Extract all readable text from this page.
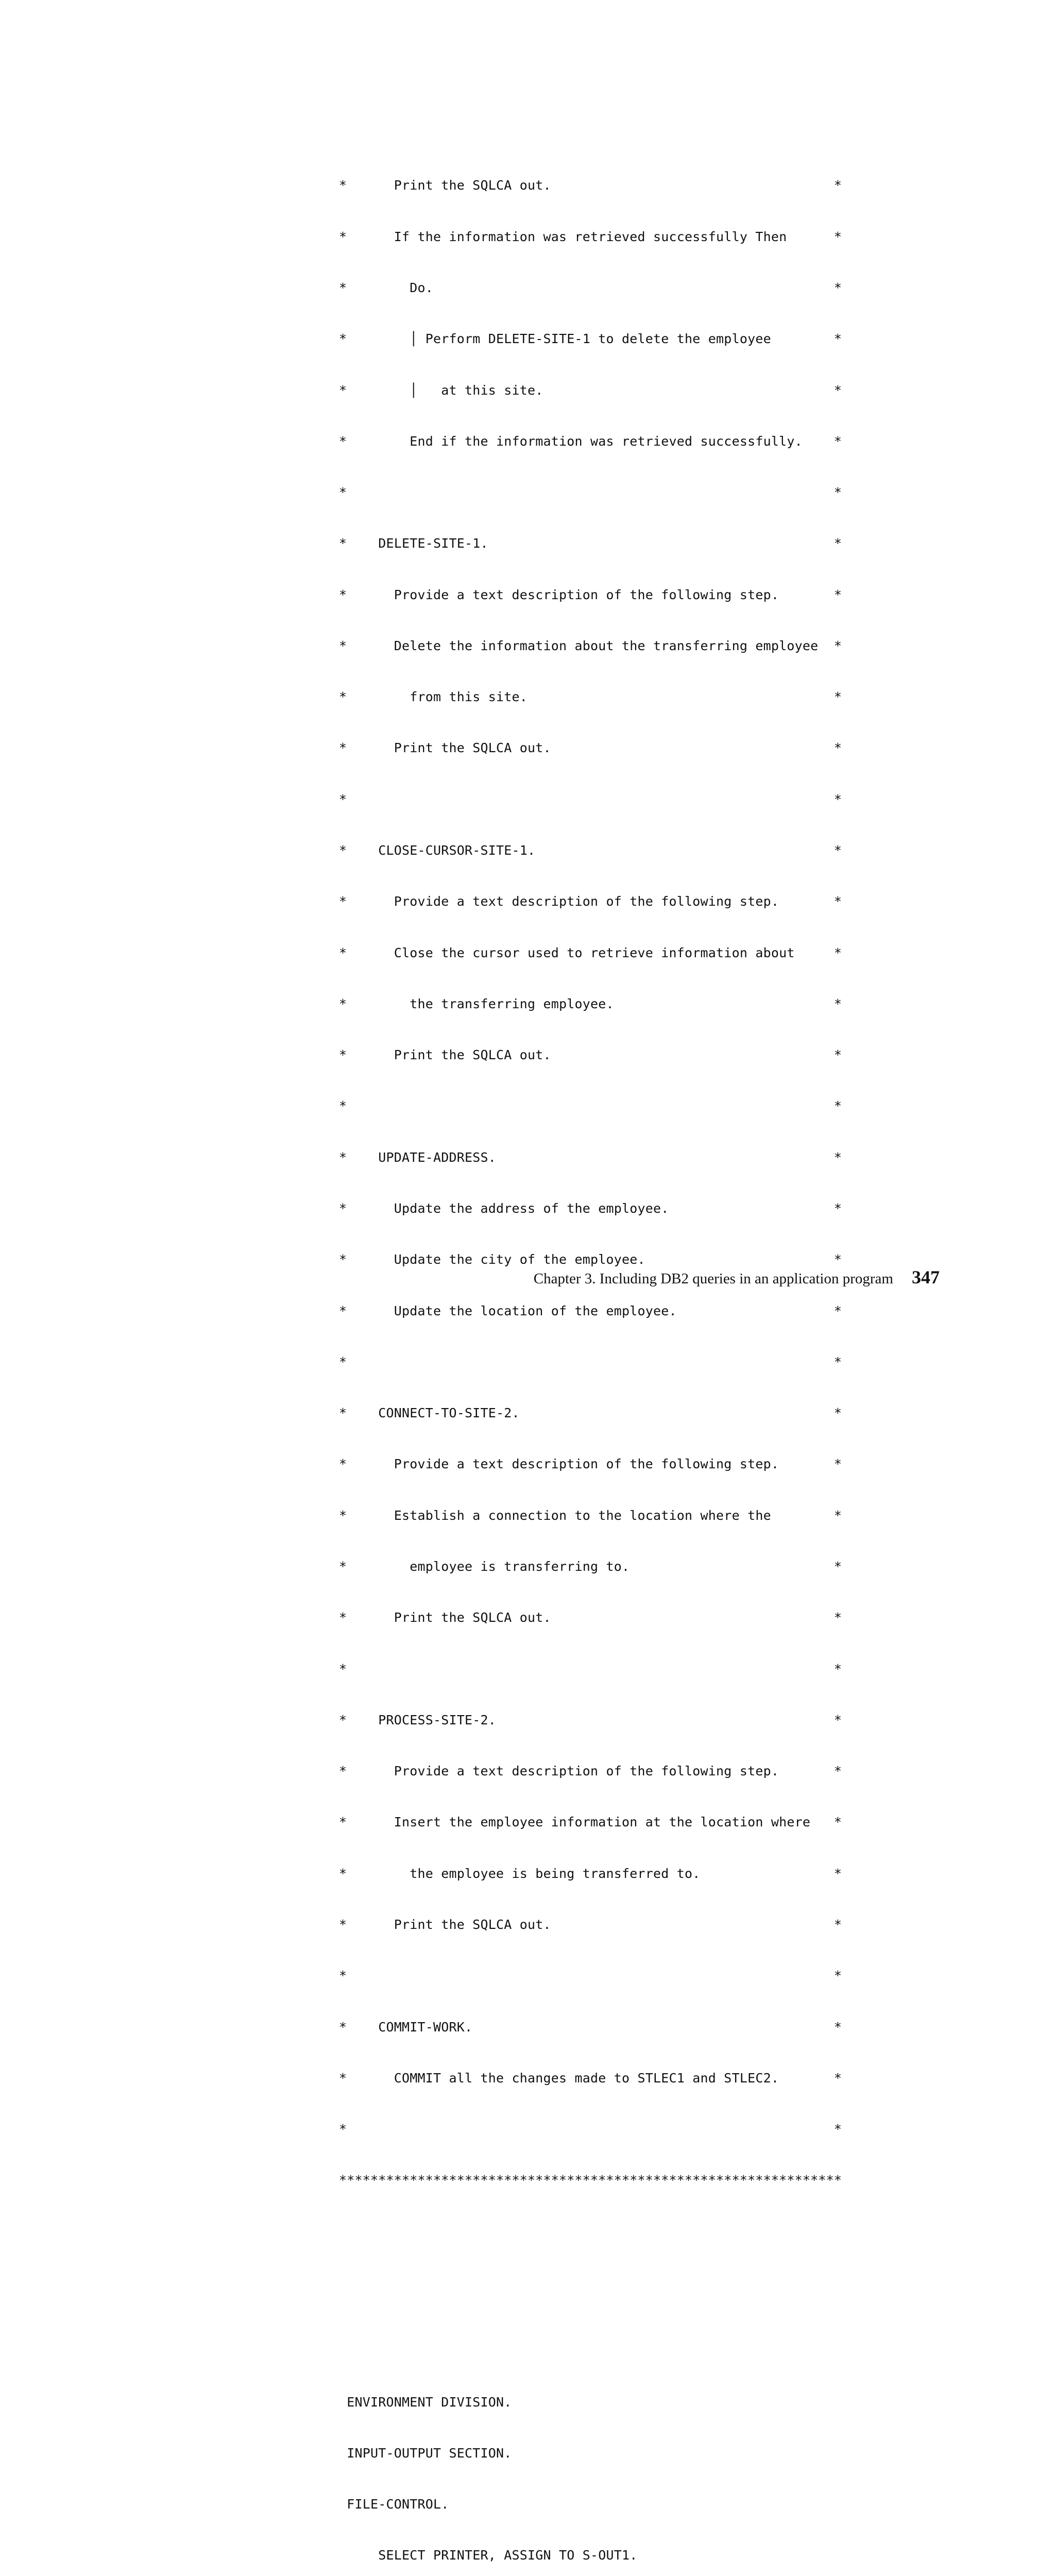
*      Print the SQLCA out.                                    *

*      If the information was retrieved successfully Then      *

*        Do.                                                   *

*        │ Perform DELETE-SITE-1 to delete the employee        *

*        │   at this site.                                     *

*        End if the information was retrieved successfully.    *

*                                                              *

*    DELETE-SITE-1.                                            *

*      Provide a text description of the following step.       *

*      Delete the information about the transferring employee  *

*        from this site.                                       *

*      Print the SQLCA out.                                    *

*                                                              *

*    CLOSE-CURSOR-SITE-1.                                      *

*      Provide a text description of the following step.       *

*      Close the cursor used to retrieve information about     *

*        the transferring employee.                            *

*      Print the SQLCA out.                                    *

*                                                              *

*    UPDATE-ADDRESS.                                           *

*      Update the address of the employee.                     *

*      Update the city of the employee.                        *

*      Update the location of the employee.                    *

*                                                              *

*    CONNECT-TO-SITE-2.                                        *

*      Provide a text description of the following step.       *

*      Establish a connection to the location where the        *

*        employee is transferring to.                          *

*      Print the SQLCA out.                                    *

*                                                              *

*    PROCESS-SITE-2.                                           *

*      Provide a text description of the following step.       *

*      Insert the employee information at the location where   *

*        the employee is being transferred to.                 *

*      Print the SQLCA out.                                    *

*                                                              *

*    COMMIT-WORK.                                              *

*      COMMIT all the changes made to STLEC1 and STLEC2.       *

*                                                              *

****************************************************************

ENVIRONMENT DIVISION.

INPUT-OUTPUT SECTION.

FILE-CONTROL.

SELECT PRINTER, ASSIGN TO S-OUT1.

Chapter 3. Including DB2 queries in an application program 347
